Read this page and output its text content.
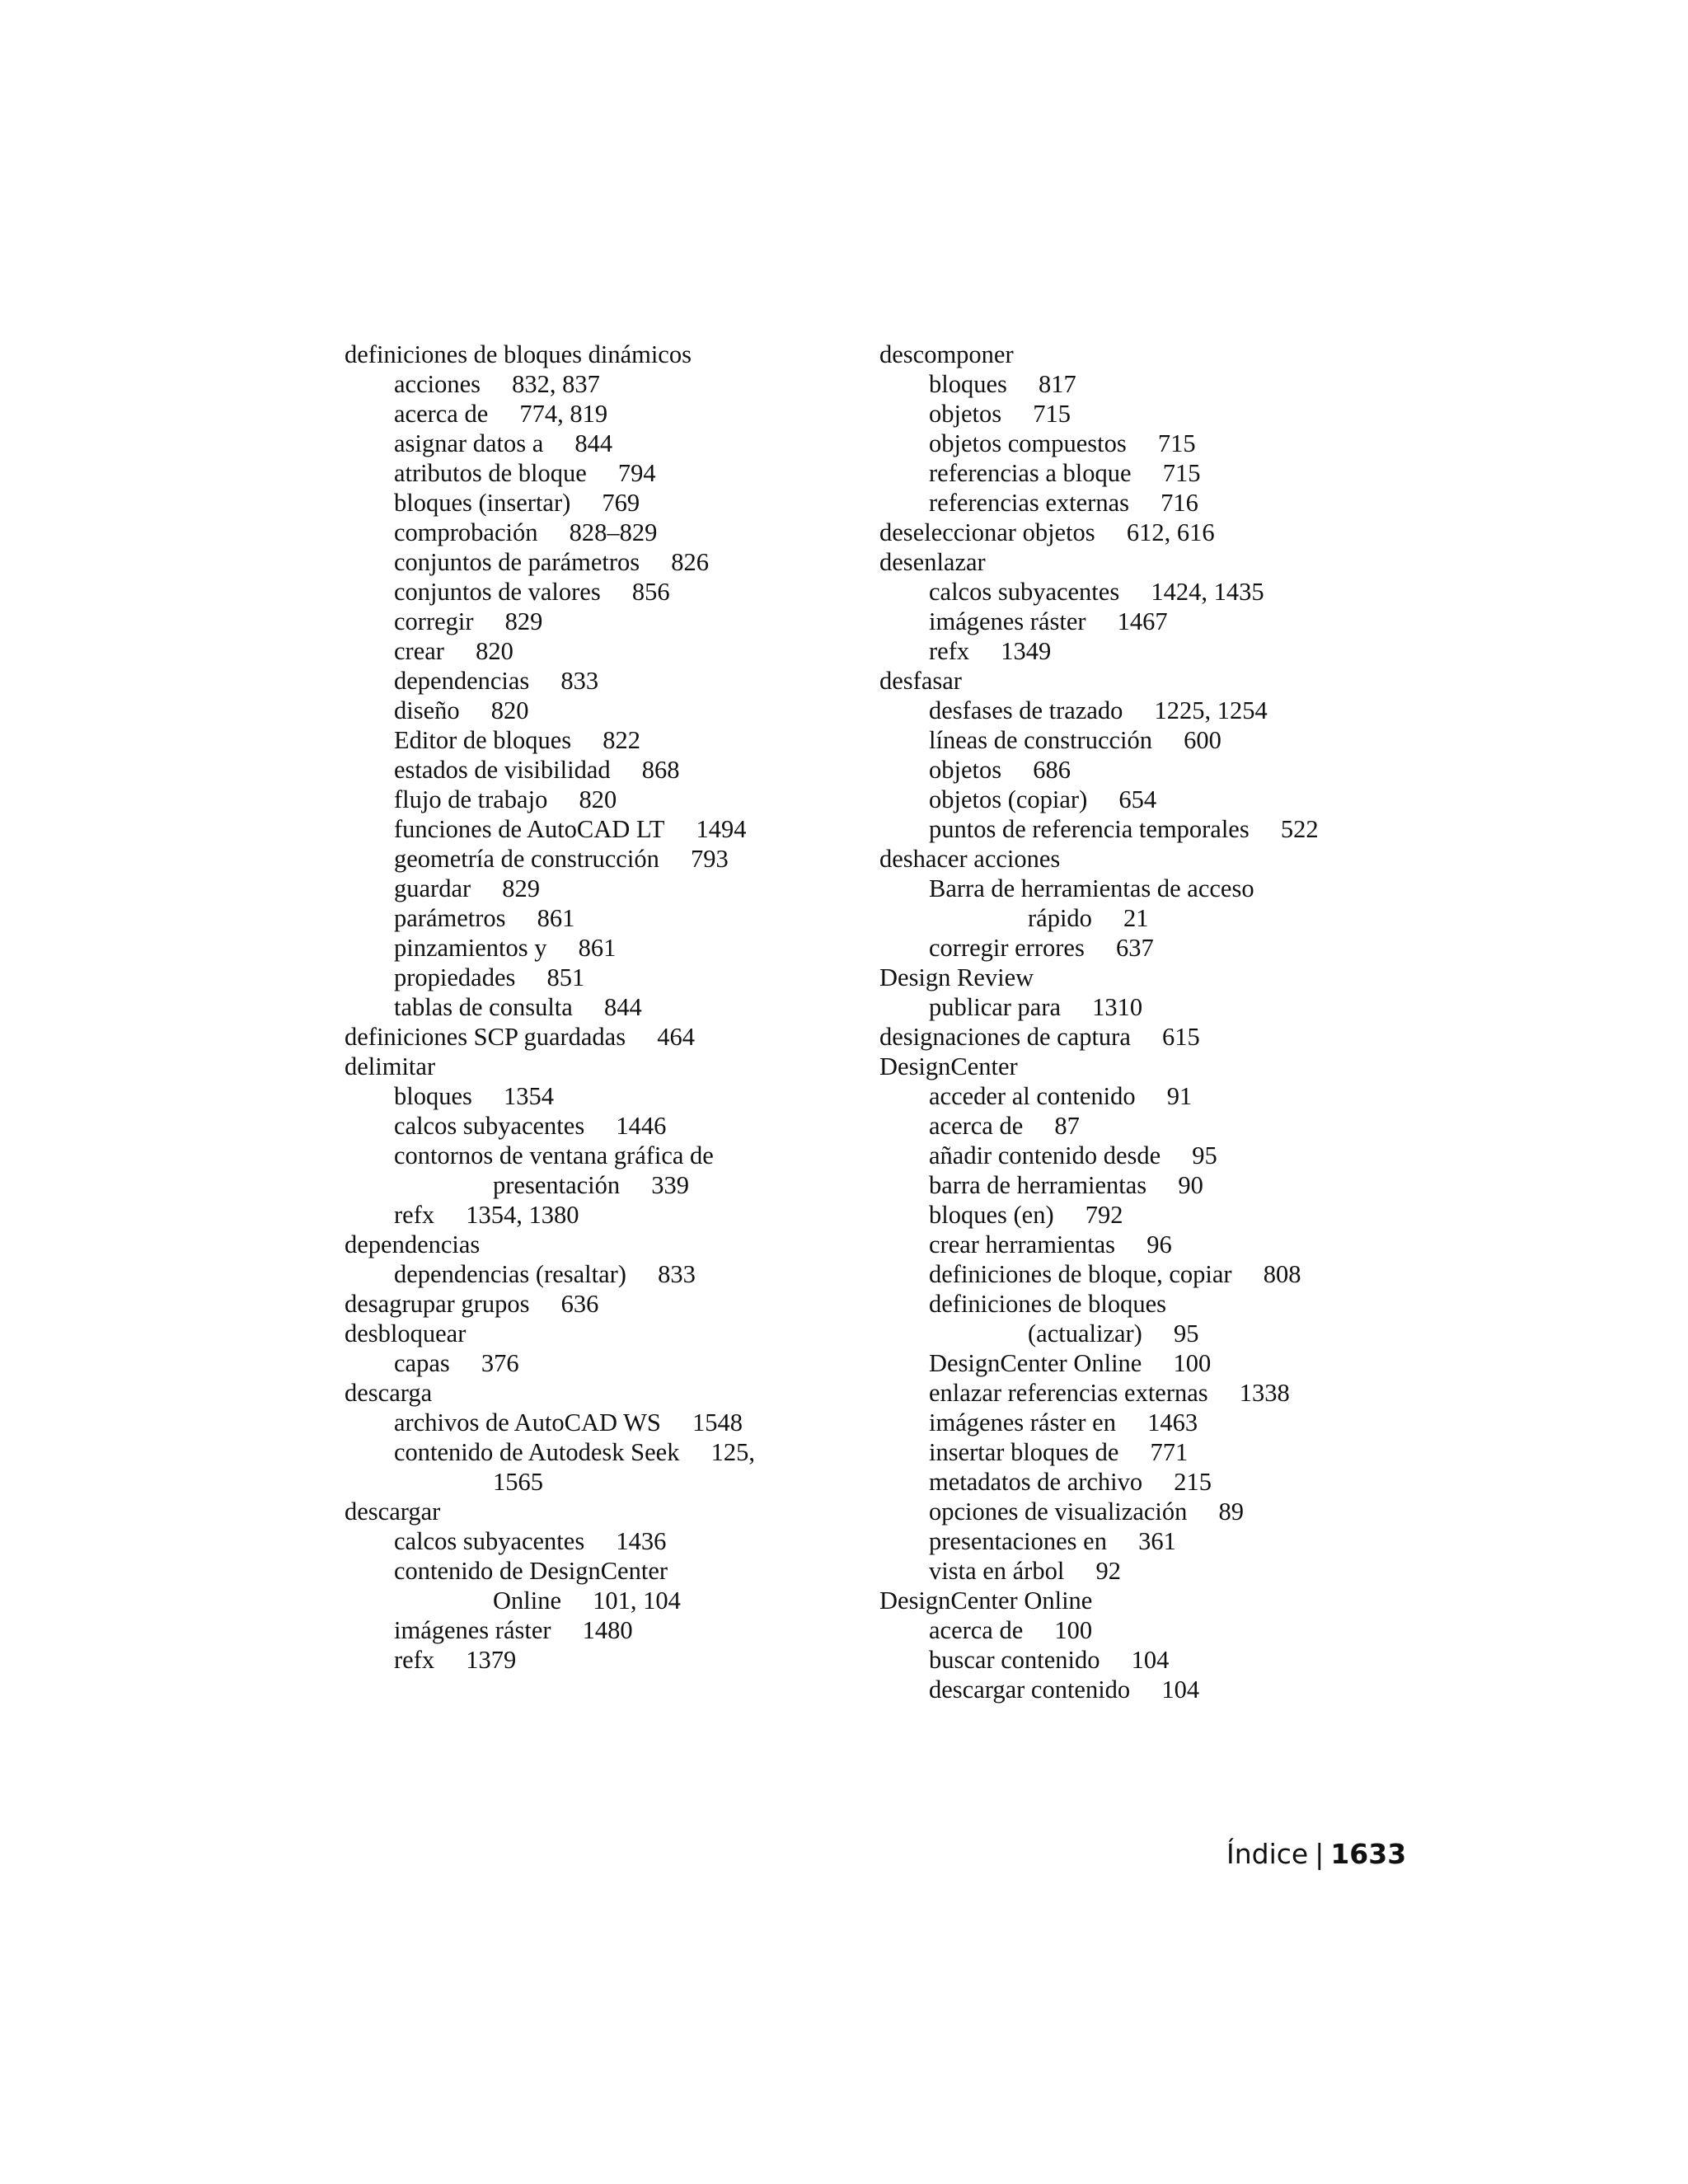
definiciones de bloques dinámicos
acciones 832, 837
acerca de 774, 819
asignar datos a 844
atributos de bloque 794
bloques (insertar) 769
comprobación 828–829
conjuntos de parámetros 826
conjuntos de valores 856
corregir 829
crear 820
dependencias 833
diseño 820
Editor de bloques 822
estados de visibilidad 868
flujo de trabajo 820
funciones de AutoCAD LT 1494
geometría de construcción 793
guardar 829
parámetros 861
pinzamientos y 861
propiedades 851
tablas de consulta 844
definiciones SCP guardadas 464
delimitar
bloques 1354
calcos subyacentes 1446
contornos de ventana gráfica de
presentación 339
refx 1354, 1380
dependencias
dependencias (resaltar) 833
desagrupar grupos 636
desbloquear
capas 376
descarga
archivos de AutoCAD WS 1548
contenido de Autodesk Seek 125,
1565
descargar
calcos subyacentes 1436
contenido de DesignCenter
Online 101, 104
imágenes ráster 1480
refx 1379
descomponer
bloques 817
objetos 715
objetos compuestos 715
referencias a bloque 715
referencias externas 716
deseleccionar objetos 612, 616
desenlazar
calcos subyacentes 1424, 1435
imágenes ráster 1467
refx 1349
desfasar
desfases de trazado 1225, 1254
líneas de construcción 600
objetos 686
objetos (copiar) 654
puntos de referencia temporales 522
deshacer acciones
Barra de herramientas de acceso
rápido 21
corregir errores 637
Design Review
publicar para 1310
designaciones de captura 615
DesignCenter
acceder al contenido 91
acerca de 87
añadir contenido desde 95
barra de herramientas 90
bloques (en) 792
crear herramientas 96
definiciones de bloque, copiar 808
definiciones de bloques
(actualizar) 95
DesignCenter Online 100
enlazar referencias externas 1338
imágenes ráster en 1463
insertar bloques de 771
metadatos de archivo 215
opciones de visualización 89
presentaciones en 361
vista en árbol 92
DesignCenter Online
acerca de 100
buscar contenido 104
descargar contenido 104
Índice | 1633
